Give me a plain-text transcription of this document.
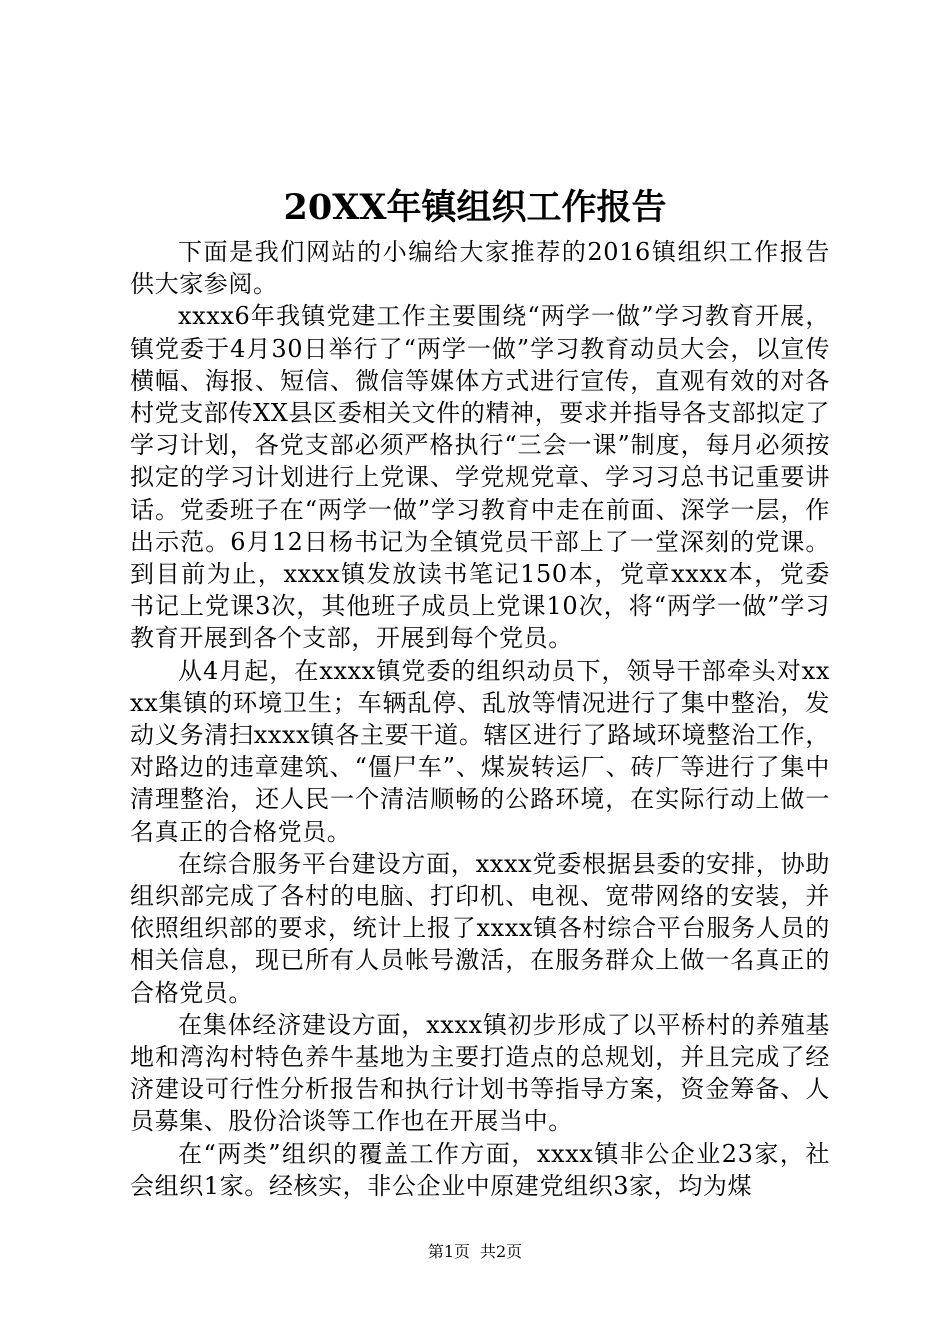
20XX年镇组织工作报告

下面是我们网站的小编给大家推荐的2016镇组织工作报告供大家参阅。

xxxx6年我镇党建工作主要围绕“两学一做”学习教育开展，镇党委于4月30日举行了“两学一做”学习教育动员大会，以宣传横幅、海报、短信、微信等媒体方式进行宣传，直观有效的对各村党支部传XX县区委相关文件的精神，要求并指导各支部拟定了学习计划，各党支部必须严格执行“三会一课”制度，每月必须按拟定的学习计划进行上党课、学党规党章、学习习总书记重要讲话。党委班子在“两学一做”学习教育中走在前面、深学一层，作出示范。6月12日杨书记为全镇党员干部上了一堂深刻的党课。到目前为止，xxxx镇发放读书笔记150本，党章xxxx本，党委书记上党课3次，其他班子成员上党课10次，将“两学一做”学习教育开展到各个支部，开展到每个党员。

从4月起，在xxxx镇党委的组织动员下，领导干部牵头对xxxx集镇的环境卫生；车辆乱停、乱放等情况进行了集中整治，发动义务清扫xxxx镇各主要干道。辖区进行了路域环境整治工作，对路边的违章建筑、“僵尸车”、煤炭转运厂、砖厂等进行了集中清理整治，还人民一个清洁顺畅的公路环境，在实际行动上做一名真正的合格党员。

在综合服务平台建设方面，xxxx党委根据县委的安排，协助组织部完成了各村的电脑、打印机、电视、宽带网络的安装，并依照组织部的要求，统计上报了xxxx镇各村综合平台服务人员的相关信息，现已所有人员帐号激活，在服务群众上做一名真正的合格党员。

在集体经济建设方面，xxxx镇初步形成了以平桥村的养殖基地和湾沟村特色养牛基地为主要打造点的总规划，并且完成了经济建设可行性分析报告和执行计划书等指导方案，资金筹备、人员募集、股份洽谈等工作也在开展当中。

在“两类”组织的覆盖工作方面，xxxx镇非公企业23家，社会组织1家。经核实，非公企业中原建党组织3家，均为煤

第1页 共2页
